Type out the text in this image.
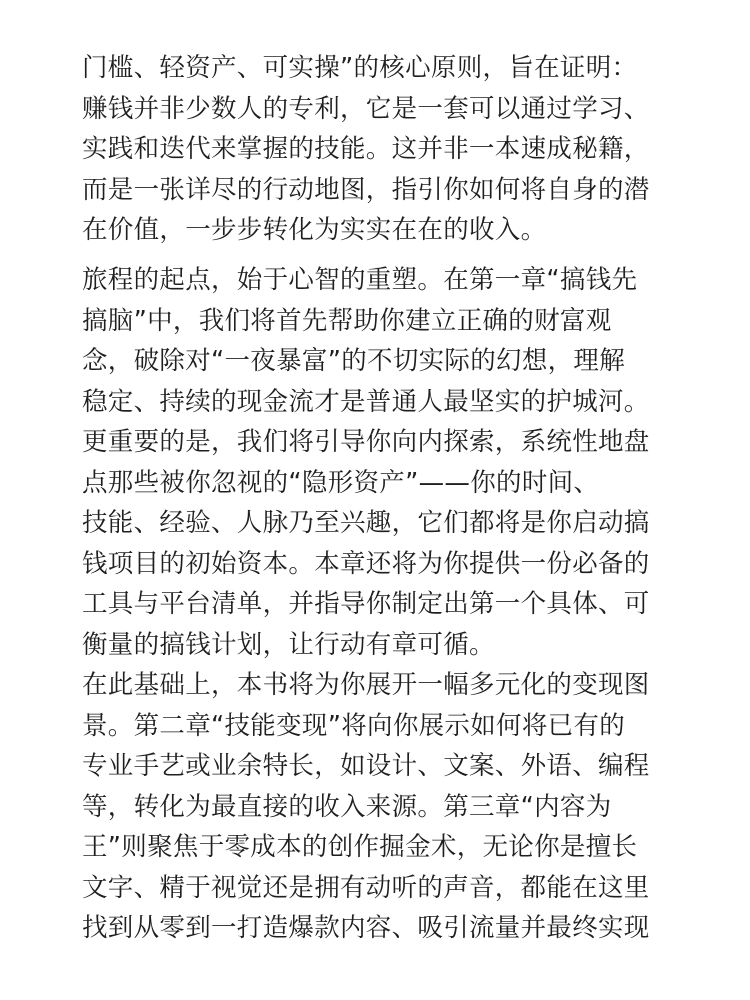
门槛、轻资产、可实操”的核心原则，旨在证明：
赚钱并非少数人的专利，它是一套可以通过学习、
实践和迭代来掌握的技能。这并非一本速成秘籍，
而是一张详尽的行动地图，指引你如何将自身的潜
在价值，一步步转化为实实在在的收入。
旅程的起点，始于心智的重塑。在第一章“搞钱先
搞脑”中，我们将首先帮助你建立正确的财富观
念，破除对“一夜暴富”的不切实际的幻想，理解
稳定、持续的现金流才是普通人最坚实的护城河。
更重要的是，我们将引导你向内探索，系统性地盘
点那些被你忽视的“隐形资产”——你的时间、
技能、经验、人脉乃至兴趣，它们都将是你启动搞
钱项目的初始资本。本章还将为你提供一份必备的
工具与平台清单，并指导你制定出第一个具体、可
衡量的搞钱计划，让行动有章可循。
在此基础上，本书将为你展开一幅多元化的变现图
景。第二章“技能变现”将向你展示如何将已有的
专业手艺或业余特长，如设计、文案、外语、编程
等，转化为最直接的收入来源。第三章“内容为
王”则聚焦于零成本的创作掘金术，无论你是擅长
文字、精于视觉还是拥有动听的声音，都能在这里
找到从零到一打造爆款内容、吸引流量并最终实现
